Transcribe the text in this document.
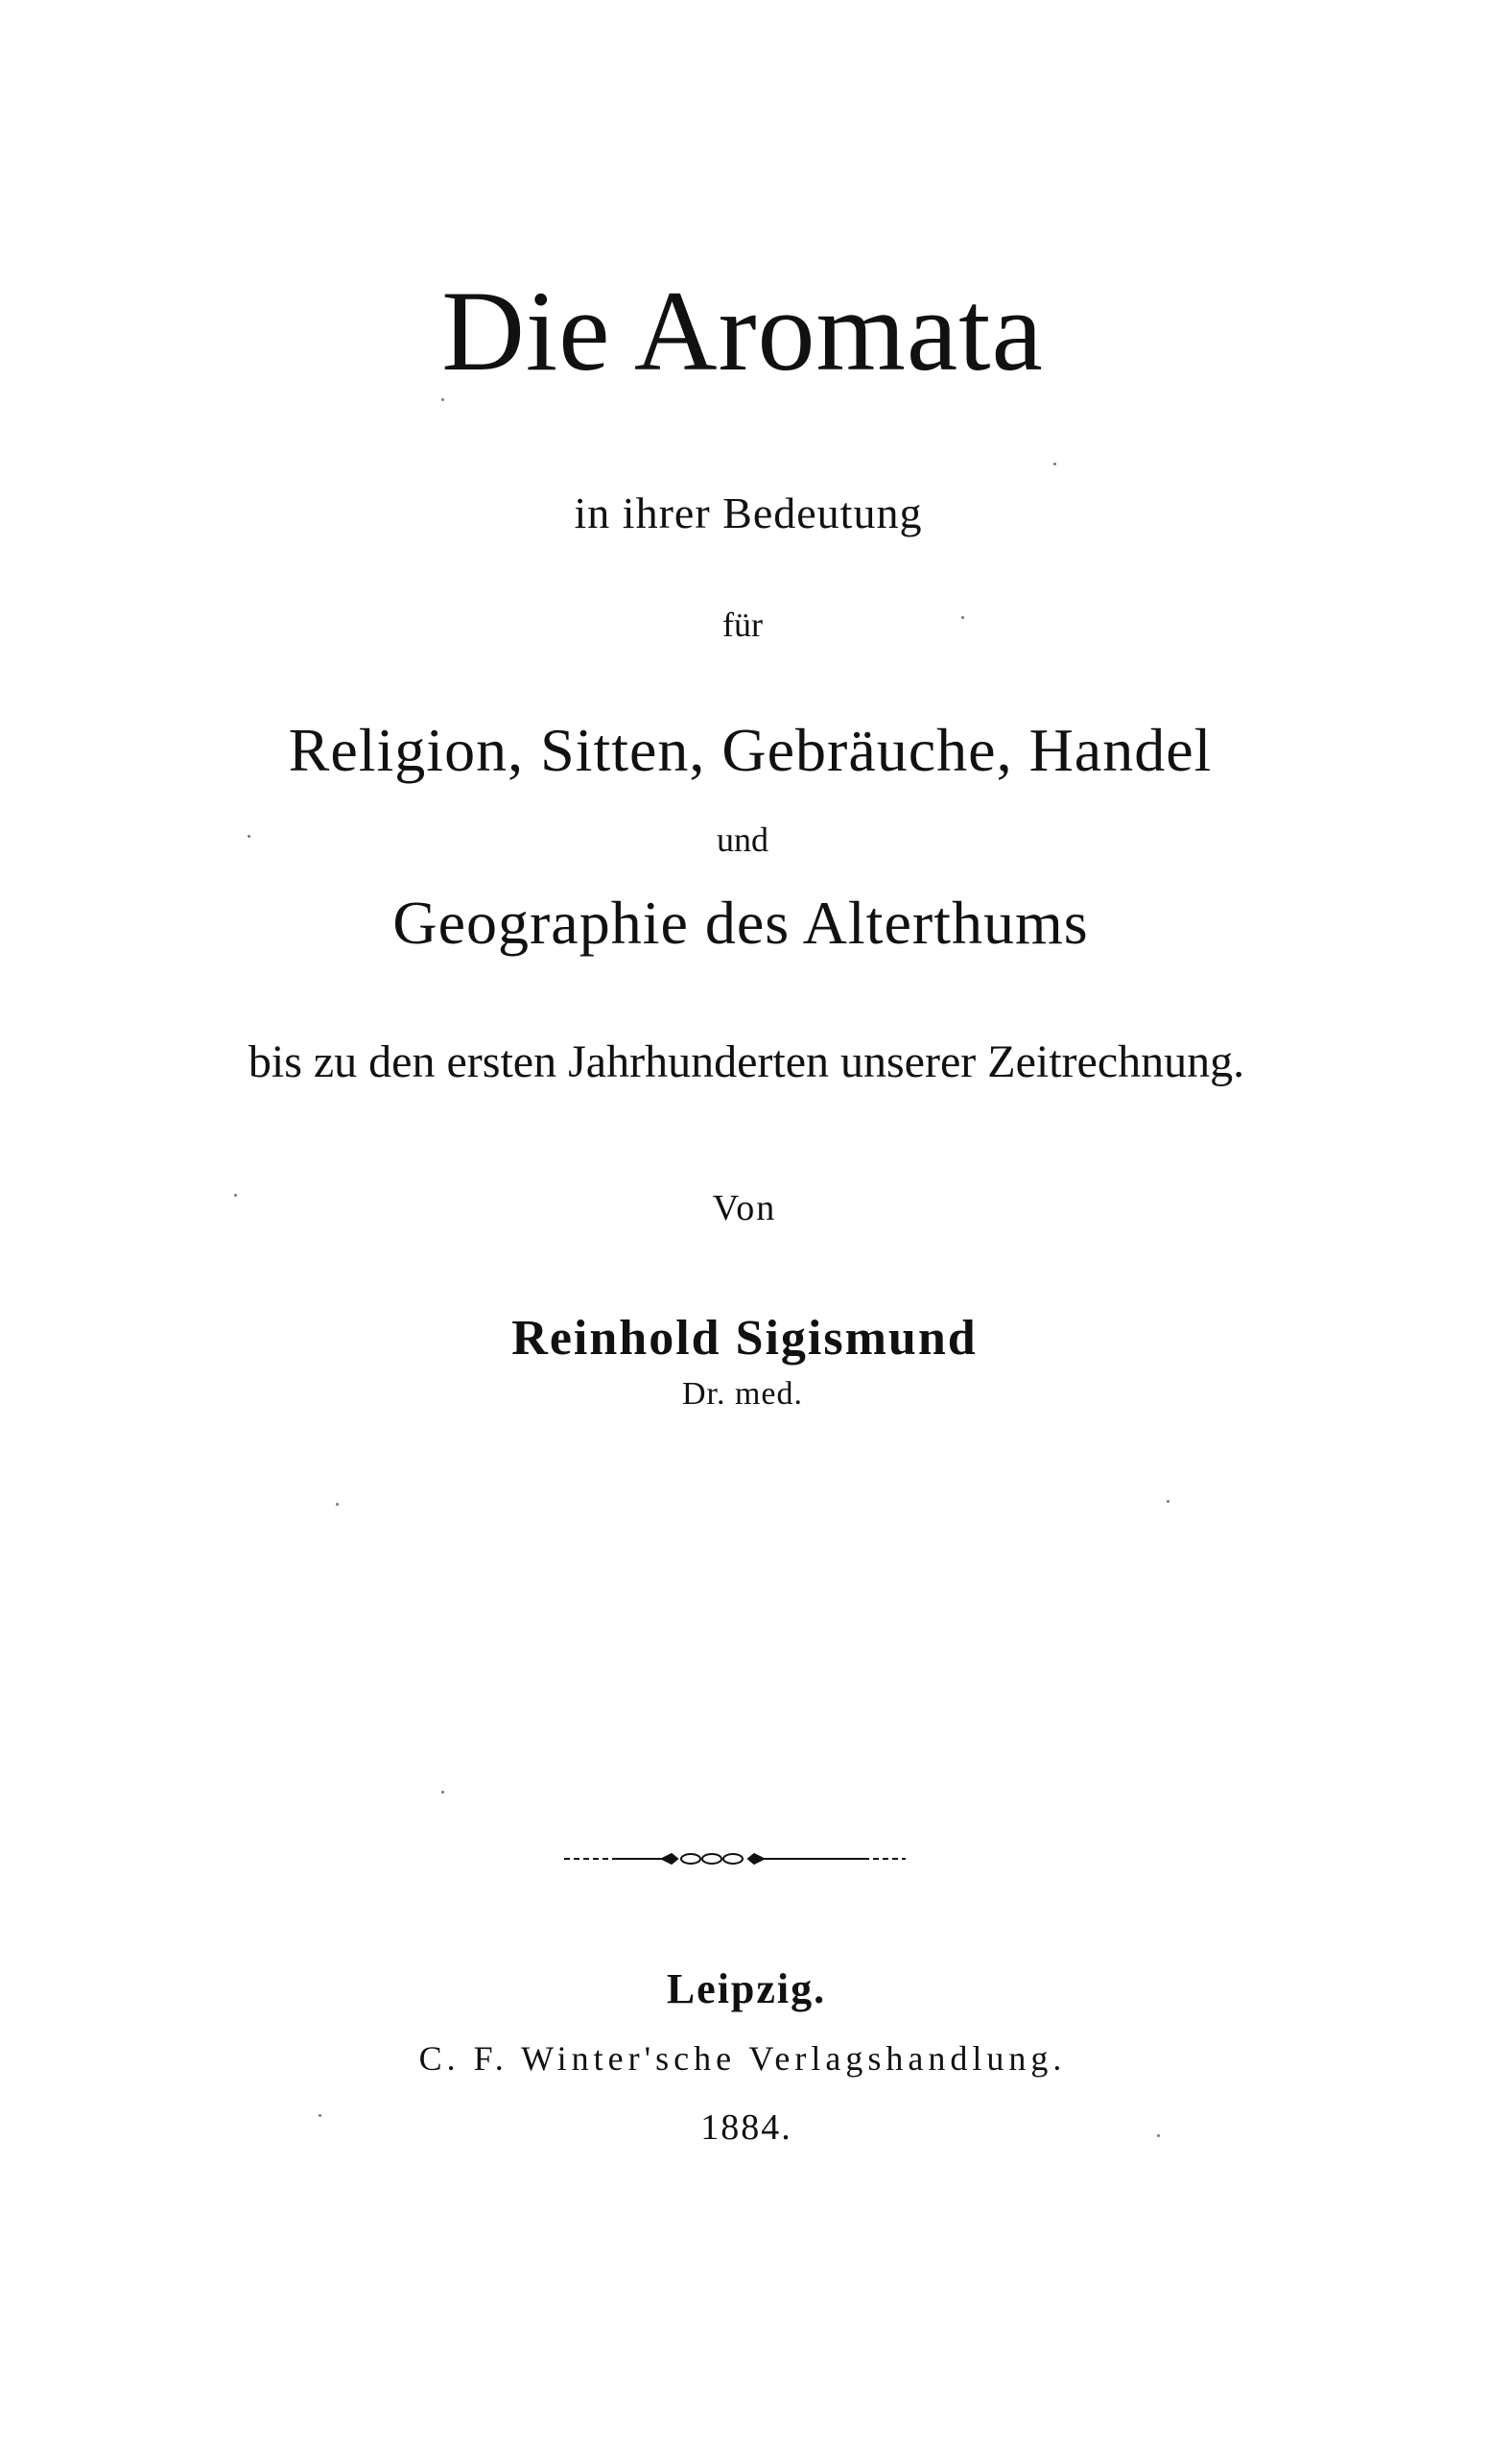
Die Aromata
in ihrer Bedeutung
für
Religion, Sitten, Gebräuche, Handel
und
Geographie des Alterthums
bis zu den ersten Jahrhunderten unserer Zeitrechnung.
Von
Reinhold Sigismund
Dr. med.
Leipzig.
C. F. Winter'sche Verlagshandlung.
1884.
